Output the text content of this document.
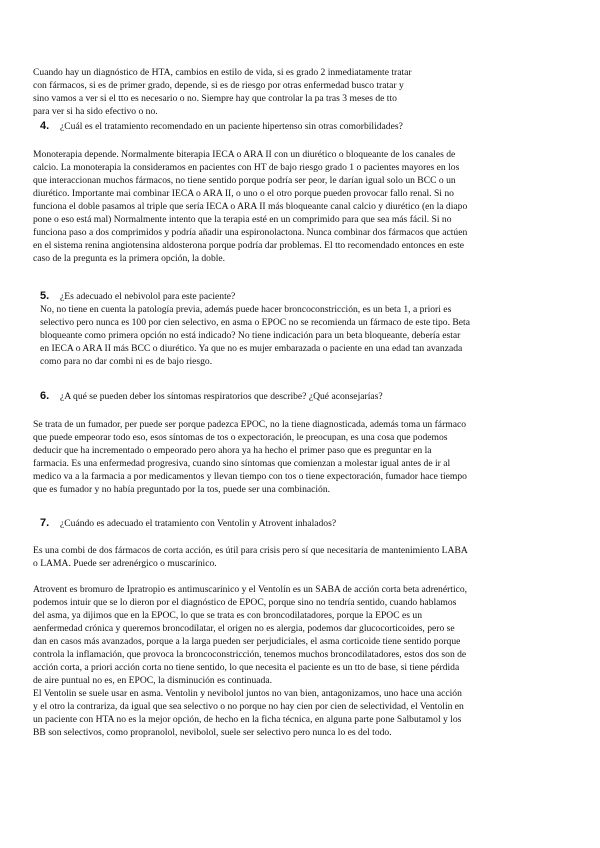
Cuando hay un diagnóstico de HTA, cambios en estilo de vida, si es grado 2 inmediatamente tratar

con fármacos, si es de primer grado, depende, si es de riesgo por otras enfermedad busco tratar y

sino vamos a ver si el tto es necesario o no. Siempre hay que controlar la pa tras 3 meses de tto

para ver si ha sido efectivo o no.

4. ¿Cuál es el tratamiento recomendado en un paciente hipertenso sin otras comorbilidades?

Monoterapia depende. Normalmente biterapia IECA o ARA II con un diurético o bloqueante de los canales de

calcio. La monoterapia la consideramos en pacientes con HT de bajo riesgo grado 1 o pacientes mayores en los

que interaccionan muchos fármacos, no tiene sentido porque podría ser peor, le darían igual solo un BCC o un

diurético. Importante mai combinar IECA o ARA II, o uno o el otro porque pueden provocar fallo renal. Si no

funciona el doble pasamos al triple que sería IECA o ARA II más bloqueante canal calcio y diurético (en la diapo

pone o eso está mal) Normalmente intento que la terapia esté en un comprimido para que sea más fácil. Si no

funciona paso a dos comprimidos y podría añadir una espironolactona. Nunca combinar dos fármacos que actúen

en el sistema renina angiotensina aldosterona porque podría dar problemas. El tto recomendado entonces en este

caso de la pregunta es la primera opción, la doble.

5. ¿Es adecuado el nebivolol para este paciente?

No, no tiene en cuenta la patología previa, además puede hacer broncoconstricción, es un beta 1, a priori es

selectivo pero nunca es 100 por cien selectivo, en asma o EPOC no se recomienda un fármaco de este tipo. Beta

bloqueante como primera opción no está indicado? No tiene indicación para un beta bloqueante, debería estar

en IECA o ARA II más BCC o diurético. Ya que no es mujer embarazada o paciente en una edad tan avanzada

como para no dar combi ni es de bajo riesgo.

6. ¿A qué se pueden deber los síntomas respiratorios que describe? ¿Qué aconsejarías?

Se trata de un fumador, per puede ser porque padezca EPOC, no la tiene diagnosticada, además toma un fármaco

que puede empeorar todo eso, esos síntomas de tos o expectoración, le preocupan, es una cosa que podemos

deducir que ha incrementado o empeorado pero ahora ya ha hecho el primer paso que es preguntar en la

farmacia. Es una enfermedad progresiva, cuando sino síntomas que comienzan a molestar igual antes de ir al

medico va a la farmacia a por medicamentos y llevan tiempo con tos o tiene expectoración, fumador hace tiempo

que es fumador y no había preguntado por la tos, puede ser una combinación.

7. ¿Cuándo es adecuado el tratamiento con Ventolin y Atrovent inhalados?

Es una combi de dos fármacos de corta acción, es útil para crisis pero sí que necesitaría de mantenimiento LABA

o LAMA. Puede ser adrenérgico o muscarínico.

Atrovent es bromuro de Ipratropio es antimuscarínico y el Ventolín es un SABA de acción corta beta adrenértico,

podemos intuir que se lo dieron por el diagnóstico de EPOC, porque sino no tendría sentido, cuando hablamos

del asma, ya dijimos que en la EPOC, lo que se trata es con broncodilatadores, porque la EPOC es un

aenfermedad crónica y queremos broncodilatar, el origen no es alergia, podemos dar glucocorticoides, pero se

dan en casos más avanzados, porque a la larga pueden ser perjudiciales, el asma corticoide tiene sentido porque

controla la inflamación, que provoca la broncoconstricción, tenemos muchos broncodilatadores, estos dos son de

acción corta, a priori acción corta no tiene sentido, lo que necesita el paciente es un tto de base, si tiene pérdida

de aire puntual no es, en EPOC, la disminución es continuada.

El Ventolin se suele usar en asma. Ventolin y nevibolol juntos no van bien, antagonizamos, uno hace una acción

y el otro la contrariza, da igual que sea selectivo o no porque no hay cien por cien de selectividad, el Ventolin en

un paciente con HTA no es la mejor opción, de hecho en la ficha técnica, en alguna parte pone Salbutamol y los

BB son selectivos, como propranolol, nevibolol, suele ser selectivo pero nunca lo es del todo.
